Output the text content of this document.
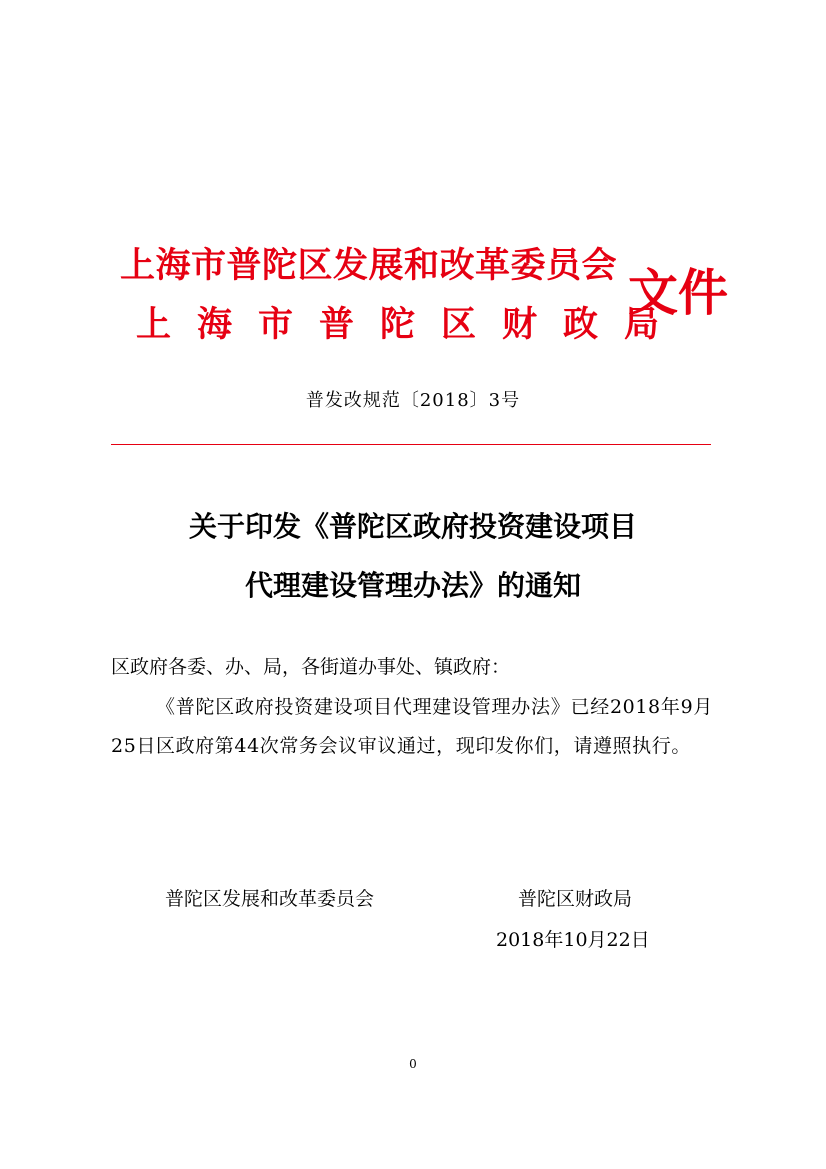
上海市普陀区发展和改革委员会
上海市普陀区财政局
文件
普发改规范〔2018〕3号
关于印发《普陀区政府投资建设项目
代理建设管理办法》的通知
区政府各委、办、局，各街道办事处、镇政府：
《普陀区政府投资建设项目代理建设管理办法》已经2018年9月25日区政府第44次常务会议审议通过，现印发你们，请遵照执行。
普陀区发展和改革委员会	普陀区财政局
2018年10月22日
0
